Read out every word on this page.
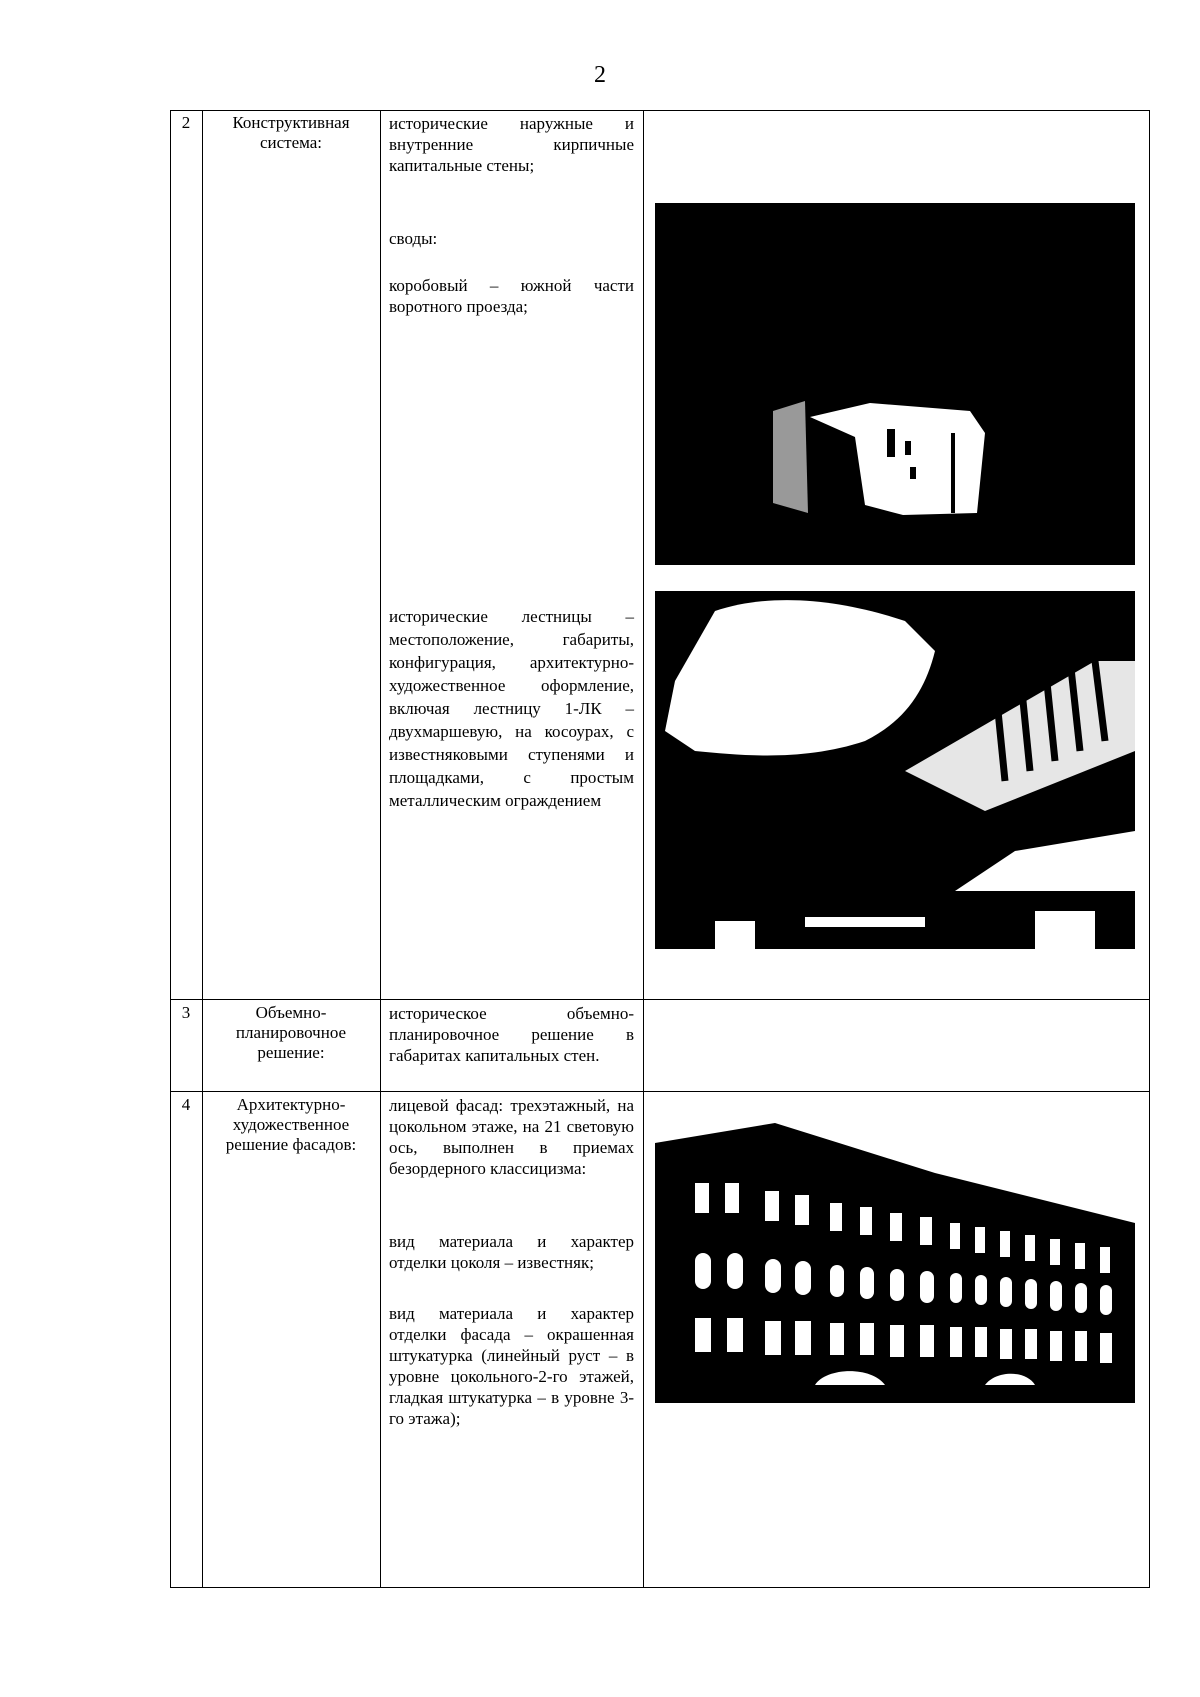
2
2	Конструктивная система:
исторические наружные и внутренние кирпичные капитальные стены;
своды:
коробовый – южной части воротного проезда;
исторические лестницы – местоположение, габариты, конфигурация, архитектурно-художественное оформление, включая лестницу 1-ЛК – двухмаршевую, на косоурах, с известняковыми ступенями и площадками, с простым металлическим ограждением
3	Объемно-планировочное решение:
историческое объемно-планировочное решение в габаритах капитальных стен.
4	Архитектурно-художественное решение фасадов:
лицевой фасад: трехэтажный, на цокольном этаже, на 21 световую ось, выполнен в приемах безордерного классицизма:
вид материала и характер отделки цоколя – известняк;
вид материала и характер отделки фасада – окрашенная штукатурка (линейный руст – в уровне цокольного-2-го этажей, гладкая штукатурка – в уровне 3-го этажа);
